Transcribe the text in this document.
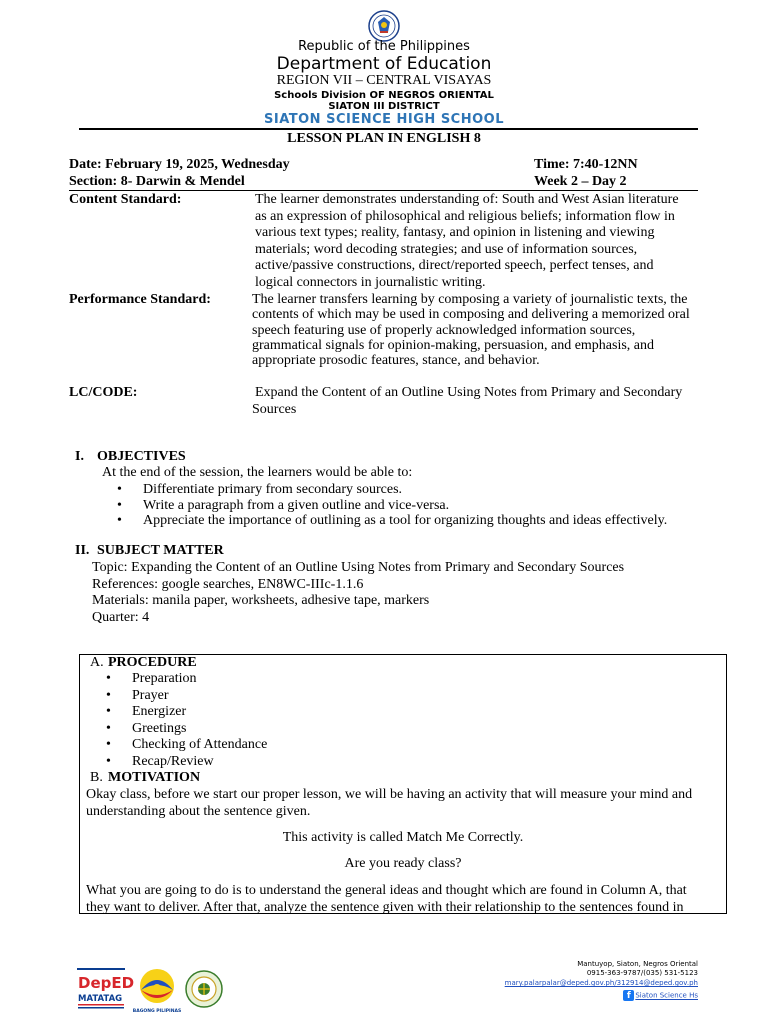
Republic of the Philippines
Department of Education
REGION VII – CENTRAL VISAYAS
Schools Division OF NEGROS ORIENTAL
SIATON III DISTRICT
SIATON SCIENCE HIGH SCHOOL
LESSON PLAN IN ENGLISH 8
Date: February 19, 2025, Wednesday	Time: 7:40-12NN
Section: 8- Darwin & Mendel	Week 2 – Day 2
Content Standard:	The learner demonstrates understanding of: South and West Asian literature
as an expression of philosophical and religious beliefs; information flow in
various text types; reality, fantasy, and opinion in listening and viewing
materials; word decoding strategies; and use of information sources,
active/passive constructions, direct/reported speech, perfect tenses, and
logical connectors in journalistic writing.
Performance Standard:	The learner transfers learning by composing a variety of journalistic texts, the
contents of which may be used in composing and delivering a memorized oral
speech featuring use of properly acknowledged information sources,
grammatical signals for opinion-making, persuasion, and emphasis, and
appropriate prosodic features, stance, and behavior.
LC/CODE:	Expand the Content of an Outline Using Notes from Primary and Secondary
Sources
I. OBJECTIVES
At the end of the session, the learners would be able to:
• Differentiate primary from secondary sources.
• Write a paragraph from a given outline and vice-versa.
• Appreciate the importance of outlining as a tool for organizing thoughts and ideas effectively.
II. SUBJECT MATTER
Topic: Expanding the Content of an Outline Using Notes from Primary and Secondary Sources
References: google searches, EN8WC-IIIc-1.1.6
Materials: manila paper, worksheets, adhesive tape, markers
Quarter: 4
A. PROCEDURE
• Preparation
• Prayer
• Energizer
• Greetings
• Checking of Attendance
• Recap/Review
B. MOTIVATION
Okay class, before we start our proper lesson, we will be having an activity that will measure your mind and
understanding about the sentence given.
This activity is called Match Me Correctly.
Are you ready class?
What you are going to do is to understand the general ideas and thought which are found in Column A, that
they want to deliver. After that, analyze the sentence given with their relationship to the sentences found in
DepED
MATATAG
BAGONG PILIPINAS
Mantuyop, Siaton, Negros Oriental
0915-363-9787/(035) 531-5123
mary.palarpalar@deped.gov.ph/312914@deped.gov.ph
f Siaton Science Hs
